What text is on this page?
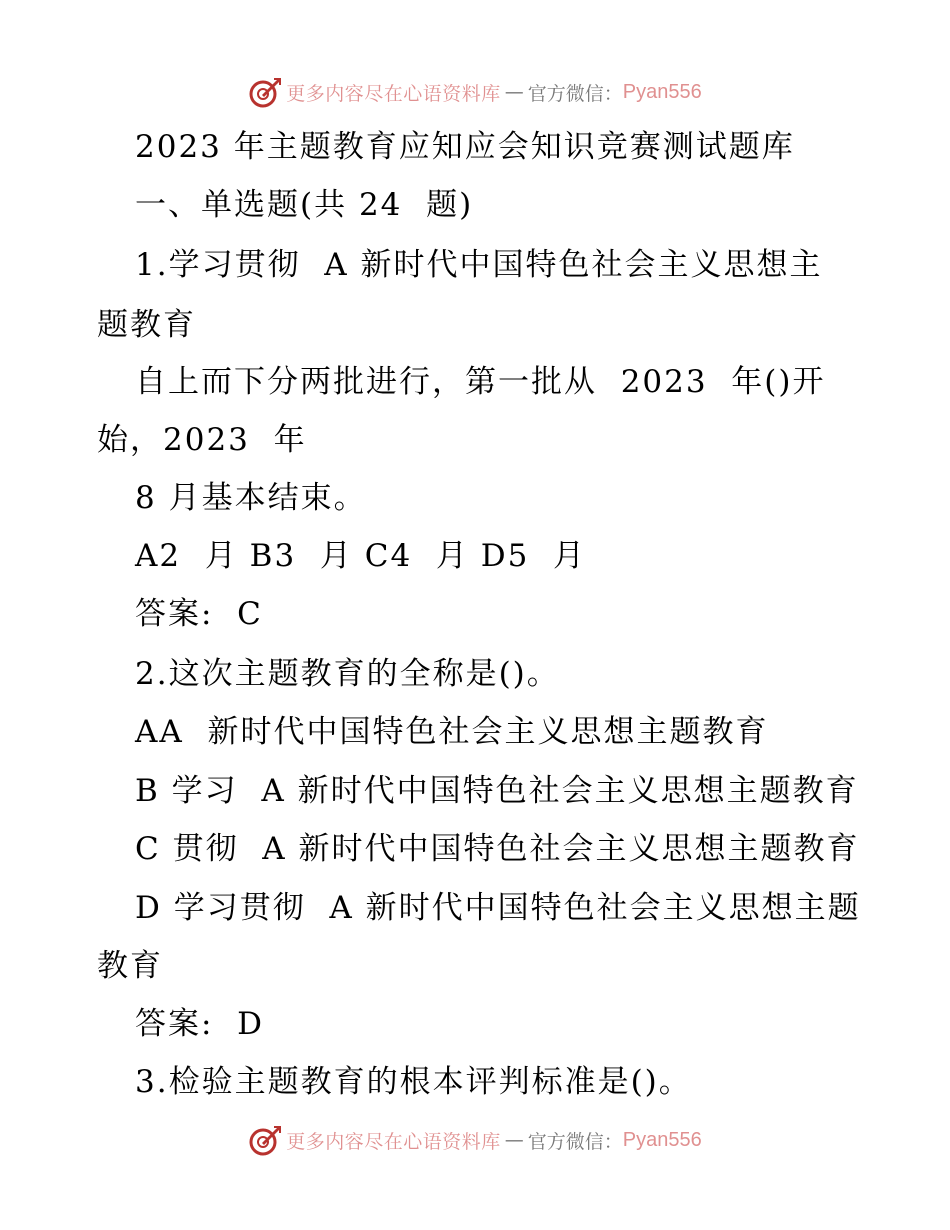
更多内容尽在心语资料库 — 官方微信： Pyan556
2023 年主题教育应知应会知识竞赛测试题库
一、单选题(共 24  题)
1.学习贯彻  A 新时代中国特色社会主义思想主
题教育
自上而下分两批进行，第一批从  2023  年()开
始，2023  年
8 月基本结束。
A2  月 B3  月 C4  月 D5  月
答案:  C
2.这次主题教育的全称是()。
AA  新时代中国特色社会主义思想主题教育
B 学习  A 新时代中国特色社会主义思想主题教育
C 贯彻  A 新时代中国特色社会主义思想主题教育
D 学习贯彻  A 新时代中国特色社会主义思想主题
教育
答案:  D
3.检验主题教育的根本评判标准是()。
更多内容尽在心语资料库 — 官方微信： Pyan556
